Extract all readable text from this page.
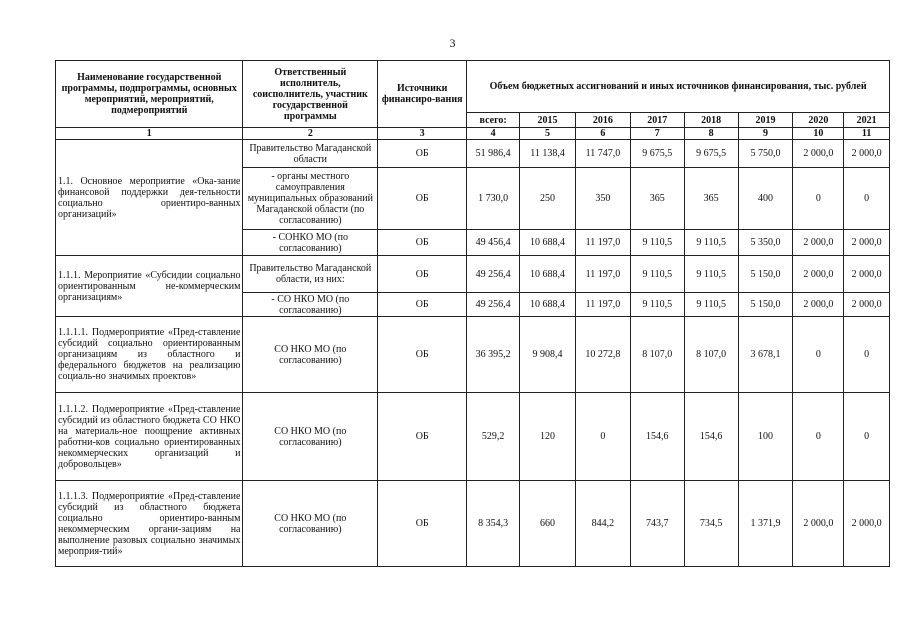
3
Наименование государственной программы, подпрограммы, основных мероприятий, мероприятий, подмероприятий	Ответственный исполнитель, соисполнитель, участник государственной программы	Источники финансиро-вания	Объем бюджетных ассигнований и иных источников финансирования, тыс. рублей							
			всего:	2015	2016	2017	2018	2019	2020	2021
1	2	3	4	5	6	7	8	9	10	11
1.1. Основное мероприятие «Ока-зание финансовой поддержки дея-тельности социально ориентиро-ванных организаций»	Правительство Магаданской области	ОБ	51 986,4	11 138,4	11 747,0	9 675,5	9 675,5	5 750,0	2 000,0	2 000,0
	- органы местного самоуправления муниципальных образований Магаданской области (по согласованию)	ОБ	1 730,0	250	350	365	365	400	0	0
	- СОНКО МО (по согласованию)	ОБ	49 456,4	10 688,4	11 197,0	9 110,5	9 110,5	5 350,0	2 000,0	2 000,0
1.1.1. Мероприятие «Субсидии социально ориентированным не-коммерческим организациям»	Правительство Магаданской области, из них:	ОБ	49 256,4	10 688,4	11 197,0	9 110,5	9 110,5	5 150,0	2 000,0	2 000,0
	- СО НКО МО (по согласованию)	ОБ	49 256,4	10 688,4	11 197,0	9 110,5	9 110,5	5 150,0	2 000,0	2 000,0
1.1.1.1. Подмероприятие «Пред-ставление субсидий социально ориентированным организациям из областного и федерального бюджетов на реализацию социаль-но значимых проектов»	СО НКО МО (по согласованию)	ОБ	36 395,2	9 908,4	10 272,8	8 107,0	8 107,0	3 678,1	0	0
1.1.1.2. Подмероприятие «Пред-ставление субсидий из областного бюджета СО НКО на материаль-ное поощрение активных работни-ков социально ориентированных некоммерческих организаций и добровольцев»	СО НКО МО (по согласованию)	ОБ	529,2	120	0	154,6	154,6	100	0	0
1.1.1.3. Подмероприятие «Пред-ставление субсидий из областного бюджета социально ориентиро-ванным некоммерческим органи-зациям на выполнение разовых социально значимых мероприя-тий»	СО НКО МО (по согласованию)	ОБ	8 354,3	660	844,2	743,7	734,5	1 371,9	2 000,0	2 000,0
